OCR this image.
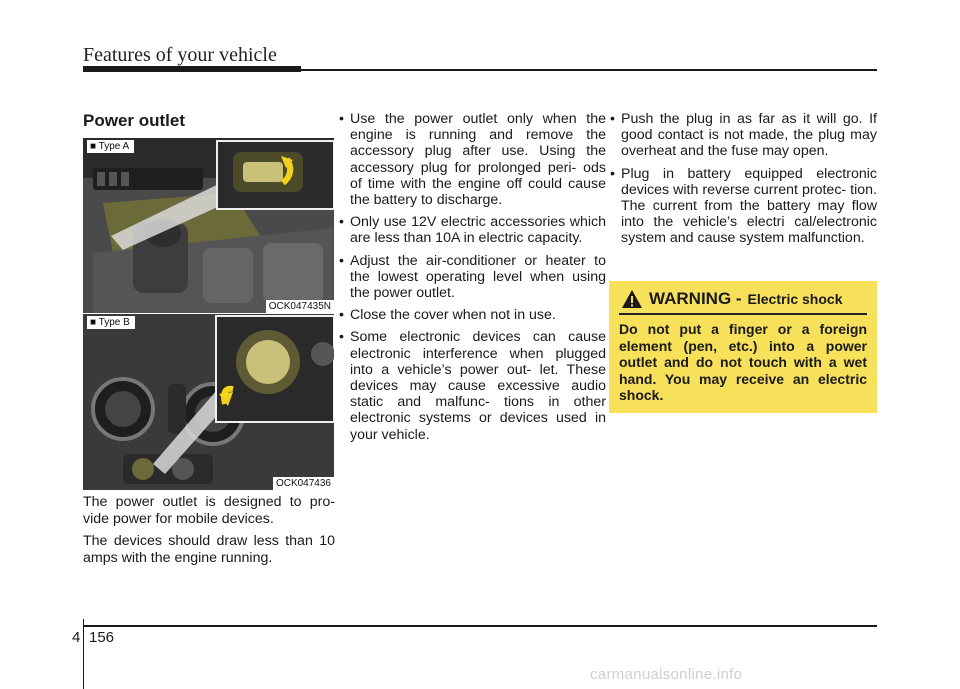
Features of your vehicle
Power outlet
■ Type A
OCK047435N
■ Type B
OCK047436
The power outlet is designed to pro- vide power for mobile devices.
The devices should draw less than 10 amps with the engine running.
• Use the power outlet only when the engine is running and remove the accessory plug after use. Using the accessory plug for prolonged peri- ods of time with the engine off could cause the battery to discharge.
• Only use 12V electric accessories which are less than 10A in electric capacity.
• Adjust the air-conditioner or heater to the lowest operating level when using the power outlet.
• Close the cover when not in use.
• Some electronic devices can cause electronic interference when plugged into a vehicle’s power out- let. These devices may cause excessive audio static and malfunc- tions in other electronic systems or devices used in your vehicle.
• Push the plug in as far as it will go. If good contact is not made, the plug may overheat and the fuse may open.
• Plug in battery equipped electronic devices with reverse current protec- tion. The current from the battery may flow into the vehicle’s electri cal/electronic system and cause system malfunction.
WARNING - Electric shock
Do not put a finger or a foreign element (pen, etc.) into a power outlet and do not touch with a wet hand. You may receive an electric shock.
4 156
carmanualsonline.info
